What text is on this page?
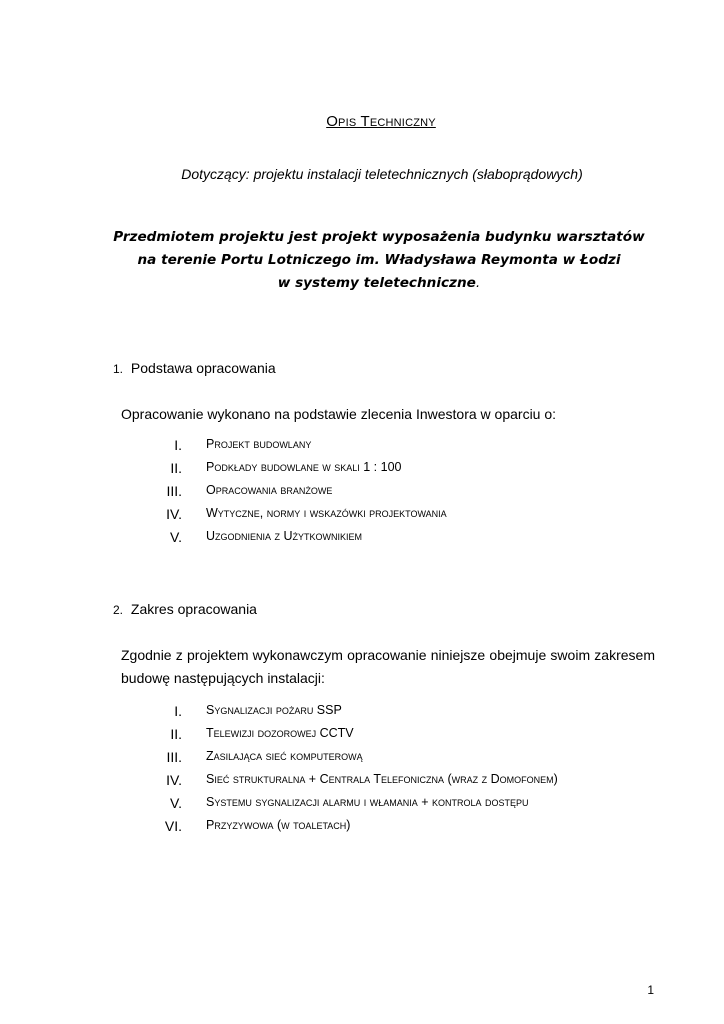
Opis Techniczny
Dotyczący: projektu instalacji teletechnicznych (słaboprądowych)
Przedmiotem projektu jest projekt wyposażenia budynku warsztatów
na terenie Portu Lotniczego im. Władysława Reymonta w Łodzi
w systemy teletechniczne.
1. Podstawa opracowania
Opracowanie wykonano na podstawie zlecenia Inwestora w oparciu o:
I. Projekt budowlany
II. Podkłady budowlane w skali 1 : 100
III. Opracowania branżowe
IV. Wytyczne, normy i wskazówki projektowania
V. Uzgodnienia z Użytkownikiem
2. Zakres opracowania
Zgodnie z projektem wykonawczym opracowanie niniejsze obejmuje swoim zakresem budowę następujących instalacji:
I. Sygnalizacji pożaru SSP
II. Telewizji dozorowej CCTV
III. Zasilająca sieć komputerową
IV. Sieć strukturalna + Centrala Telefoniczna (wraz z Domofonem)
V. Systemu sygnalizacji alarmu i włamania + kontrola dostępu
VI. Przyzywowa (w toaletach)
1
